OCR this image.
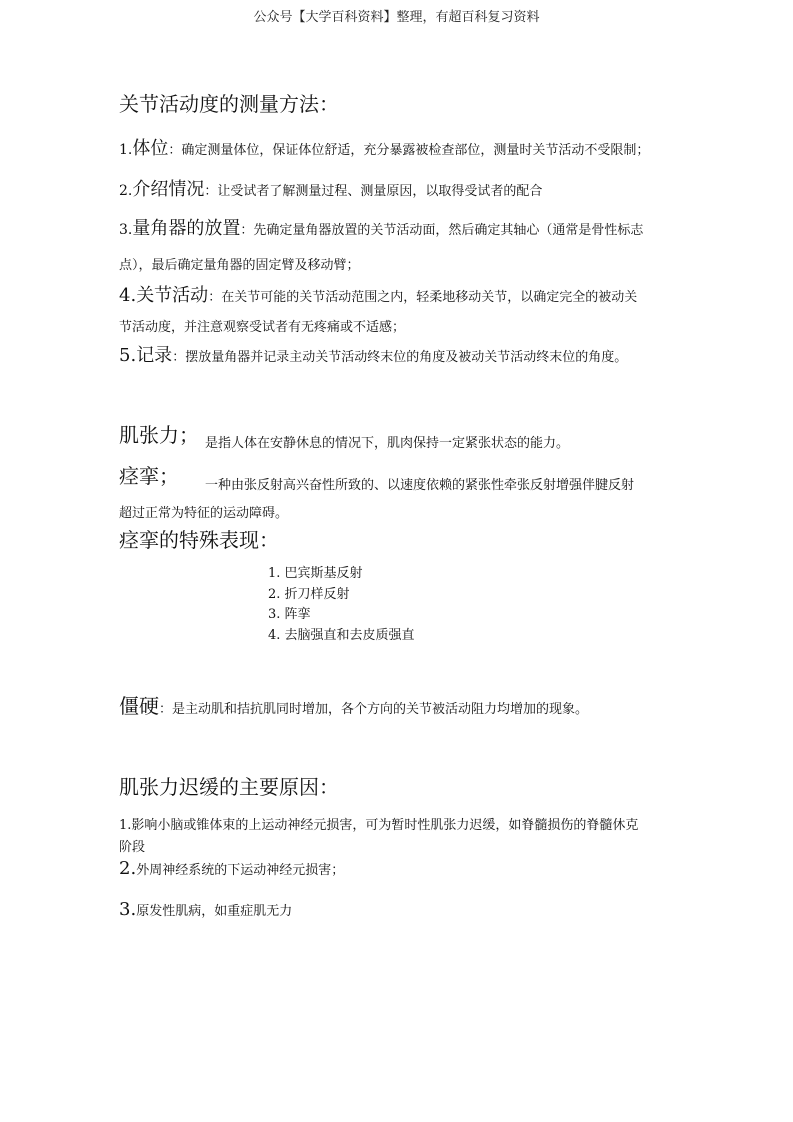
公众号【大学百科资料】整理，有超百科复习资料
关节活动度的测量方法：
1.体位：确定测量体位，保证体位舒适，充分暴露被检查部位，测量时关节活动不受限制；
2.介绍情况：让受试者了解测量过程、测量原因，以取得受试者的配合
3.量角器的放置：先确定量角器放置的关节活动面，然后确定其轴心（通常是骨性标志
点），最后确定量角器的固定臂及移动臂；
4.关节活动：在关节可能的关节活动范围之内，轻柔地移动关节，以确定完全的被动关
节活动度，并注意观察受试者有无疼痛或不适感；
5.记录：摆放量角器并记录主动关节活动终末位的角度及被动关节活动终末位的角度。
肌张力； 是指人体在安静休息的情况下，肌肉保持一定紧张状态的能力。
痉挛； 一种由张反射高兴奋性所致的、以速度依赖的紧张性牵张反射增强伴腱反射
超过正常为特征的运动障碍。
痉挛的特殊表现：
1. 巴宾斯基反射
2. 折刀样反射
3. 阵挛
4. 去脑强直和去皮质强直
僵硬：是主动肌和拮抗肌同时增加，各个方向的关节被活动阻力均增加的现象。
肌张力迟缓的主要原因：
1.影响小脑或锥体束的上运动神经元损害，可为暂时性肌张力迟缓，如脊髓损伤的脊髓休克
阶段
2.外周神经系统的下运动神经元损害；
3.原发性肌病，如重症肌无力
